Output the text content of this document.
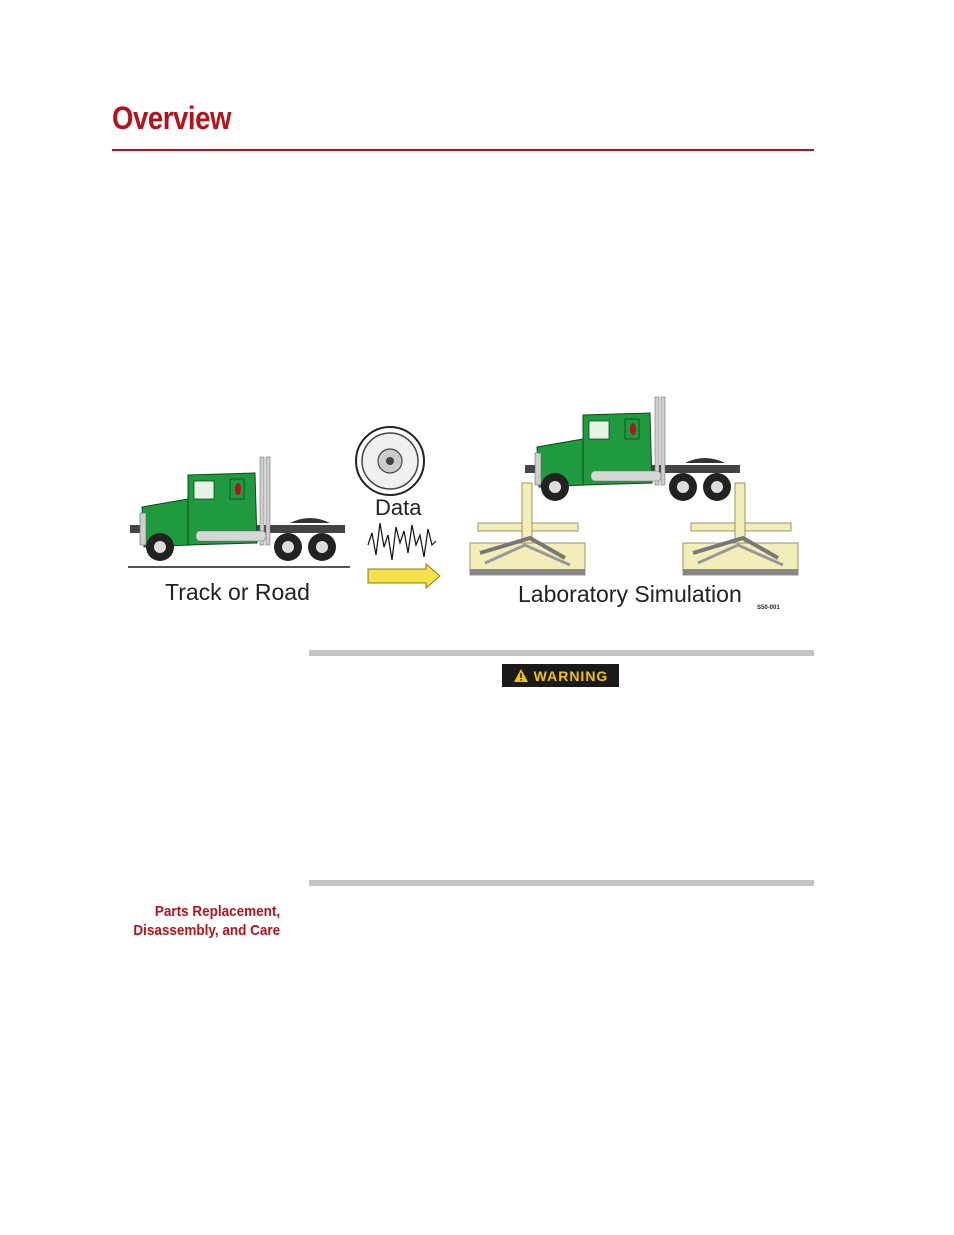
Overview
Track or Road
Data
Laboratory Simulation
S50-001
WARNING
Parts Replacement,
Disassembly, and Care
